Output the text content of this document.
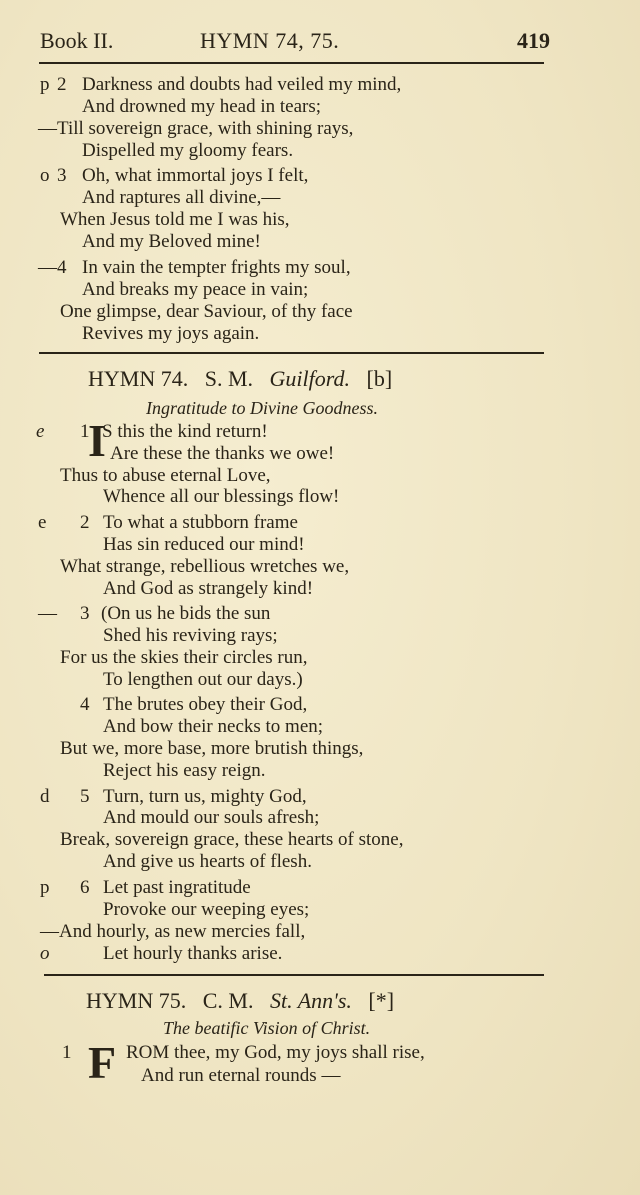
Book II.	HYMN 74, 75.	419
p 2 Darkness and doubts had veiled my mind,
And drowned my head in tears;
—Till sovereign grace, with shining rays,
Dispelled my gloomy fears.
o 3 Oh, what immortal joys I felt,
And raptures all divine,—
When Jesus told me I was his,
And my Beloved mine!
— 4 In vain the tempter frights my soul,
And breaks my peace in vain;
One glimpse, dear Saviour, of thy face
Revives my joys again.
HYMN 74. S. M. Guilford. [b]
Ingratitude to Divine Goodness.
e 1
I
S this the kind return!
Are these the thanks we owe!
Thus to abuse eternal Love,
Whence all our blessings flow!
e 2 To what a stubborn frame
Has sin reduced our mind!
What strange, rebellious wretches we,
And God as strangely kind!
— 3 (On us he bids the sun
Shed his reviving rays;
For us the skies their circles run,
To lengthen out our days.)
4 The brutes obey their God,
And bow their necks to men;
But we, more base, more brutish things,
Reject his easy reign.
d 5 Turn, turn us, mighty God,
And mould our souls afresh;
Break, sovereign grace, these hearts of stone,
And give us hearts of flesh.
p 6 Let past ingratitude
Provoke our weeping eyes;
—And hourly, as new mercies fall,
o	Let hourly thanks arise.
HYMN 75. C. M. St. Ann's. [*]
The beatific Vision of Christ.
1 F ROM thee, my God, my joys shall rise,
And run eternal rounds —
